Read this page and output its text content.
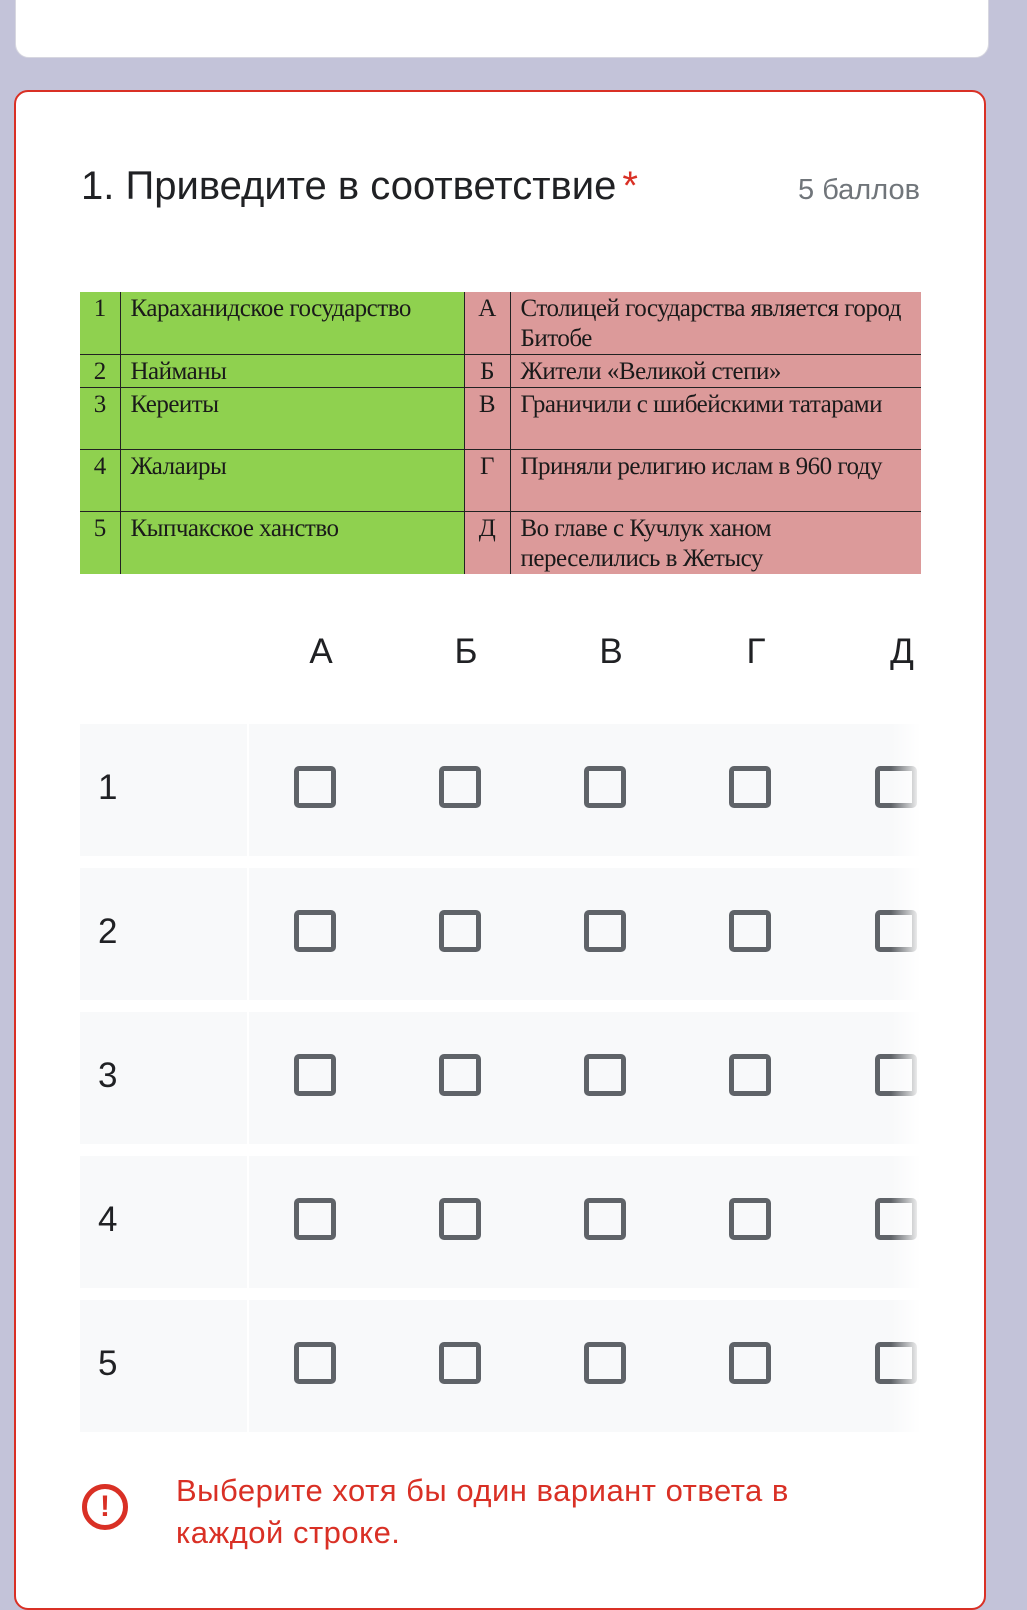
1. Приведите в соответствие *	5 баллов
1	Караханидское государство	А	Столицей государства является город Битобе
2	Найманы	Б	Жители «Великой степи»
3	Кереиты	В	Граничили с шибейскими татарами
4	Жалаиры	Г	Приняли религию ислам в 960 году
5	Кыпчакское ханство	Д	Во главе с Кучлук ханом переселились в Жетысу
А	Б	В	Г	Д
1
2
3
4
5
!	Выберите хотя бы один вариант ответа в каждой строке.
